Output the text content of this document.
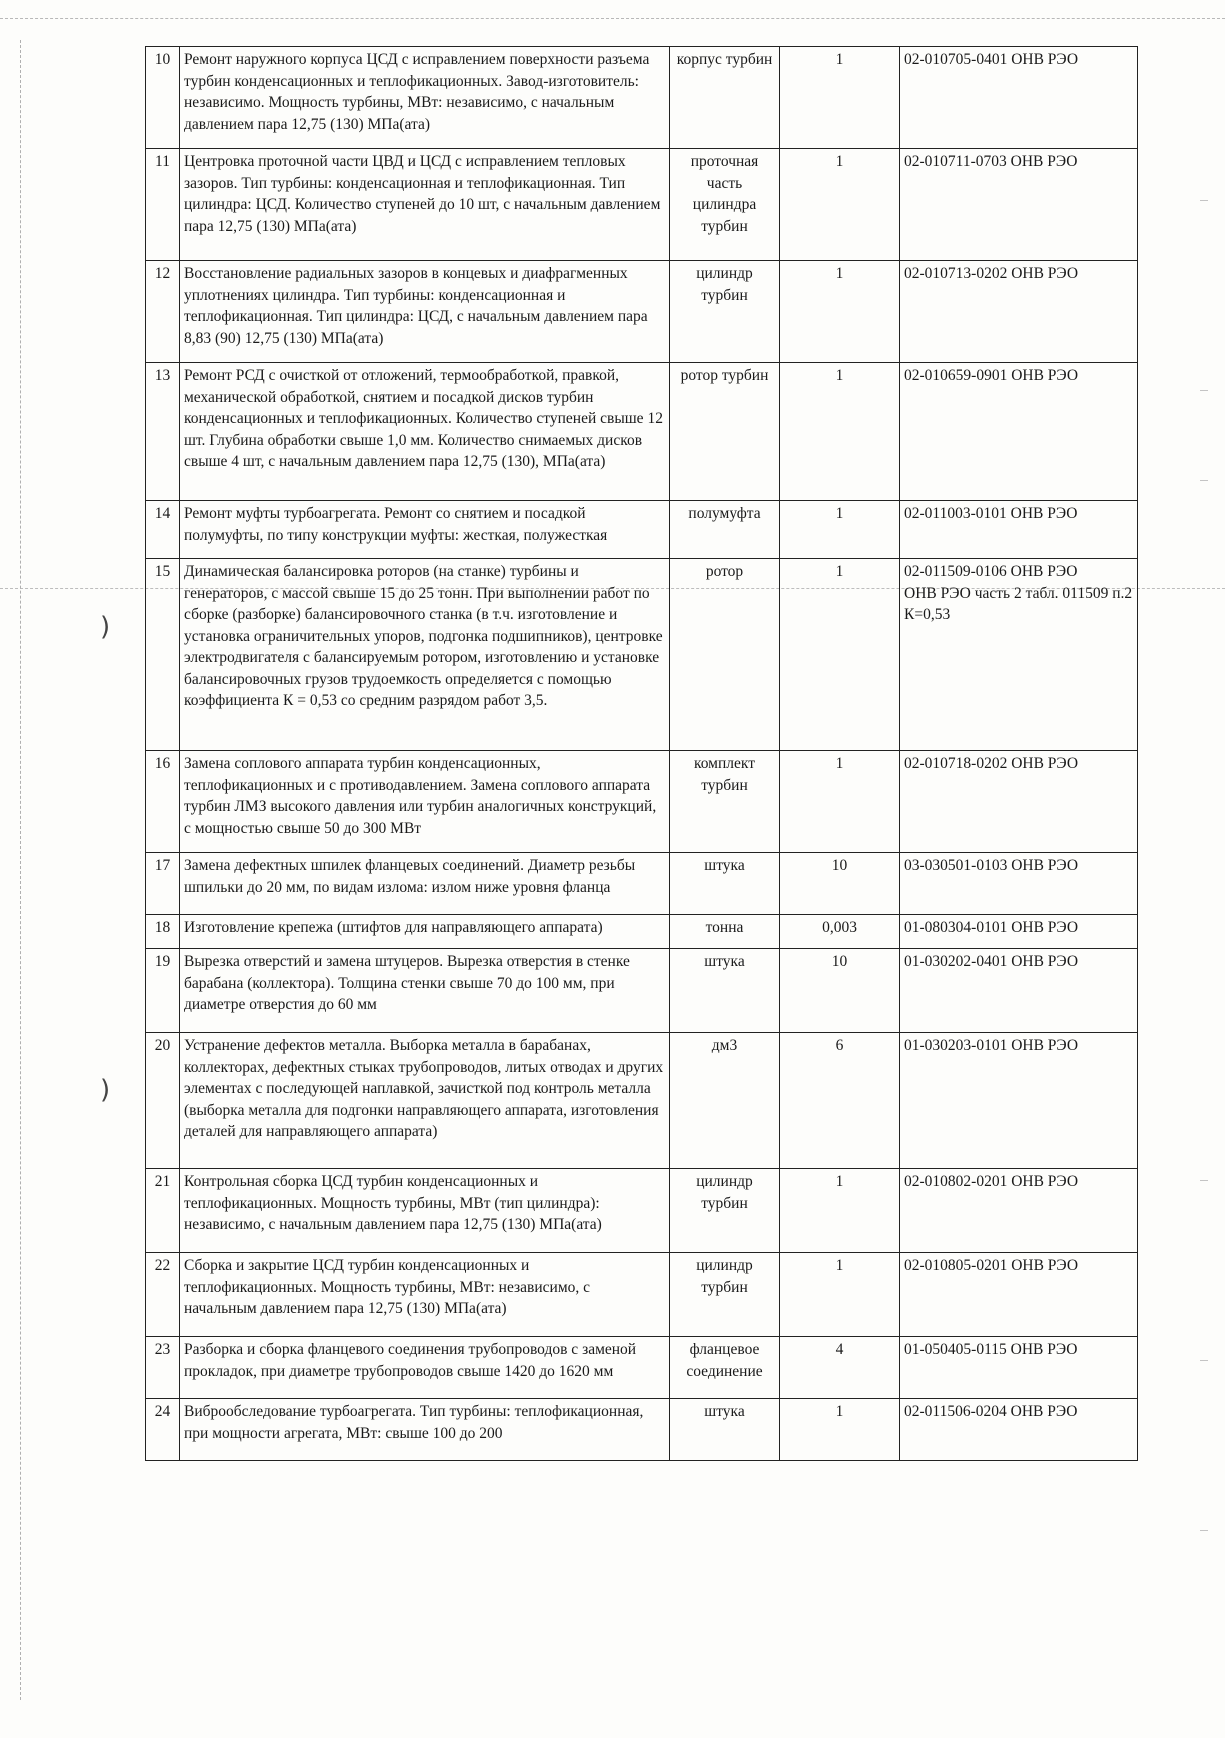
)
)
10	Ремонт наружного корпуса ЦСД с исправлением поверхности разъема турбин конденсационных и теплофикационных. Завод-изготовитель: независимо. Мощность турбины, МВт: независимо, с начальным давлением пара 12,75 (130) МПа(ата)	корпус турбин	1	02-010705-0401 ОНВ РЭО
11	Центровка проточной части ЦВД и ЦСД с исправлением тепловых зазоров. Тип турбины: конденсационная и теплофикационная. Тип цилиндра: ЦСД. Количество ступеней до 10 шт, с начальным давлением пара 12,75 (130) МПа(ата)	проточная часть цилиндра турбин	1	02-010711-0703 ОНВ РЭО
12	Восстановление радиальных зазоров в концевых и диафрагменных уплотнениях цилиндра. Тип турбины: конденсационная и теплофикационная. Тип цилиндра: ЦСД, с начальным давлением пара 8,83 (90) 12,75 (130) МПа(ата)	цилиндр турбин	1	02-010713-0202 ОНВ РЭО
13	Ремонт РСД с очисткой от отложений, термообработкой, правкой, механической обработкой, снятием и посадкой дисков турбин конденсационных и теплофикационных. Количество ступеней свыше 12 шт. Глубина обработки свыше 1,0 мм. Количество снимаемых дисков свыше 4 шт, с начальным давлением пара 12,75 (130), МПа(ата)	ротор турбин	1	02-010659-0901 ОНВ РЭО
14	Ремонт муфты турбоагрегата. Ремонт со снятием и посадкой полумуфты, по типу конструкции муфты: жесткая, полужесткая	полумуфта	1	02-011003-0101 ОНВ РЭО
15	Динамическая балансировка роторов (на станке) турбины и генераторов, с массой свыше 15 до 25 тонн. При выполнении работ по сборке (разборке) балансировочного станка (в т.ч. изготовление и установка ограничительных упоров, подгонка подшипников), центровке электродвигателя с балансируемым ротором, изготовлению и установке балансировочных грузов трудоемкость определяется с помощью коэффициента К = 0,53 со средним разрядом работ 3,5.	ротор	1	02-011509-0106 ОНВ РЭО
ОНВ РЭО часть 2 табл. 011509 п.2 К=0,53

16	Замена соплового аппарата турбин конденсационных, теплофикационных и с противодавлением. Замена соплового аппарата турбин ЛМЗ высокого давления или турбин аналогичных конструкций, с мощностью свыше 50 до 300 МВт	комплект турбин	1	02-010718-0202 ОНВ РЭО
17	Замена дефектных шпилек фланцевых соединений. Диаметр резьбы шпильки до 20 мм, по видам излома: излом ниже уровня фланца	штука	10	03-030501-0103 ОНВ РЭО
18	Изготовление крепежа (штифтов для направляющего аппарата)	тонна	0,003	01-080304-0101 ОНВ РЭО
19	Вырезка отверстий и замена штуцеров. Вырезка отверстия в стенке барабана (коллектора). Толщина стенки свыше 70 до 100 мм, при диаметре отверстия до 60 мм	штука	10	01-030202-0401 ОНВ РЭО
20	Устранение дефектов металла. Выборка металла в барабанах, коллекторах, дефектных стыках трубопроводов, литых отводах и других элементах с последующей наплавкой, зачисткой под контроль металла (выборка металла для подгонки направляющего аппарата, изготовления деталей для направляющего аппарата)	дм3	6	01-030203-0101 ОНВ РЭО
21	Контрольная сборка ЦСД турбин конденсационных и теплофикационных. Мощность турбины, МВт (тип цилиндра): независимо, с начальным давлением пара 12,75 (130) МПа(ата)	цилиндр турбин	1	02-010802-0201 ОНВ РЭО
22	Сборка и закрытие ЦСД турбин конденсационных и теплофикационных. Мощность турбины, МВт: независимо, с начальным давлением пара 12,75 (130) МПа(ата)	цилиндр турбин	1	02-010805-0201 ОНВ РЭО
23	Разборка и сборка фланцевого соединения трубопроводов с заменой прокладок, при диаметре трубопроводов свыше 1420 до 1620 мм	фланцевое соединение	4	01-050405-0115 ОНВ РЭО
24	Виброобследование турбоагрегата. Тип турбины: теплофикационная, при мощности агрегата, МВт: свыше 100 до 200	штука	1	02-011506-0204 ОНВ РЭО
